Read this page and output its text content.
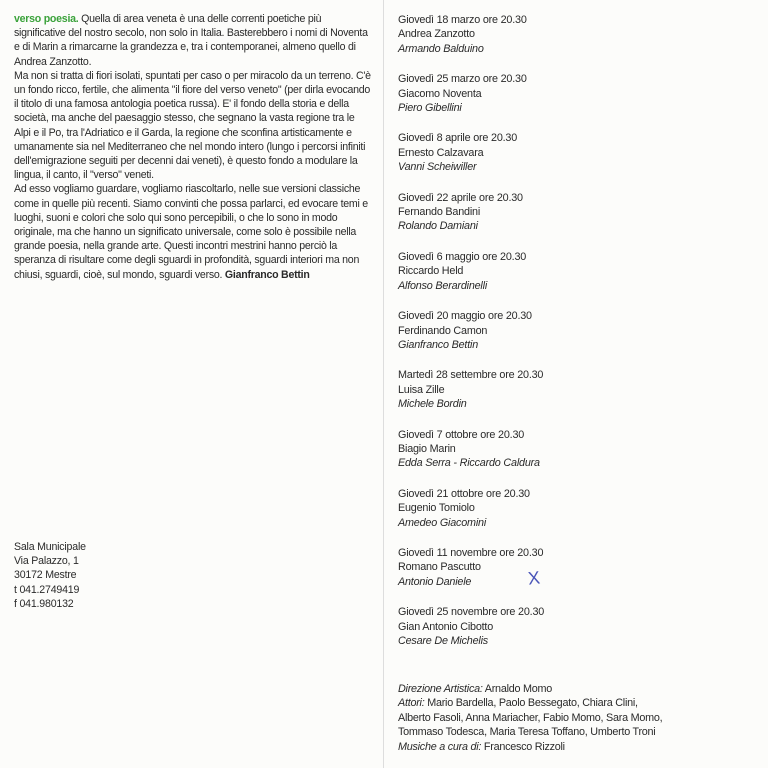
verso poesia. Quella di area veneta è una delle correnti poetiche più significative del nostro secolo, non solo in Italia. Basterebbero i nomi di Noventa e di Marin a rimarcarne la grandezza e, tra i contemporanei, almeno quello di Andrea Zanzotto.

Ma non si tratta di fiori isolati, spuntati per caso o per miracolo da un terreno. C'è un fondo ricco, fertile, che alimenta "il fiore del verso veneto" (per dirla evocando il titolo di una famosa antologia poetica russa). E' il fondo della storia e della società, ma anche del paesaggio stesso, che segnano la vasta regione tra le Alpi e il Po, tra l'Adriatico e il Garda, la regione che sconfina artisticamente e umanamente sia nel Mediterraneo che nel mondo intero (lungo i percorsi infiniti dell'emigrazione seguiti per decenni dai veneti), è questo fondo a modulare la lingua, il canto, il "verso" veneti.

Ad esso vogliamo guardare, vogliamo riascoltarlo, nelle sue versioni classiche come in quelle più recenti. Siamo convinti che possa parlarci, ed evocare temi e luoghi, suoni e colori che solo qui sono percepibili, o che lo sono in modo originale, ma che hanno un significato universale, come solo è possibile nella grande poesia, nella grande arte. Questi incontri mestrini hanno perciò la speranza di risultare come degli sguardi in profondità, sguardi interiori ma non chiusi, sguardi, cioè, sul mondo, sguardi verso. Gianfranco Bettin

Sala Municipale
Via Palazzo, 1
30172 Mestre
t 041.2749419
f 041.980132
Giovedì 18 marzo ore 20.30
Andrea Zanzotto
Armando Balduino
Giovedì 25 marzo ore 20.30
Giacomo Noventa
Piero Gibellini
Giovedì 8 aprile ore 20.30
Ernesto Calzavara
Vanni Scheiwiller
Giovedì 22 aprile ore 20.30
Fernando Bandini
Rolando Damiani
Giovedì 6 maggio ore 20.30
Riccardo Held
Alfonso Berardinelli
Giovedì 20 maggio ore 20.30
Ferdinando Camon
Gianfranco Bettin
Martedì 28 settembre ore 20.30
Luisa Zille
Michele Bordin
Giovedì 7 ottobre ore 20.30
Biagio Marin
Edda Serra - Riccardo Caldura
Giovedì 21 ottobre ore 20.30
Eugenio Tomiolo
Amedeo Giacomini
Giovedì 11 novembre ore 20.30
Romano Pascutto
Antonio Daniele
Giovedì 25 novembre ore 20.30
Gian Antonio Cibotto
Cesare De Michelis
X
Direzione Artistica: Arnaldo Momo
Attori: Mario Bardella, Paolo Bessegato, Chiara Clini,
Alberto Fasoli, Anna Mariacher, Fabio Momo, Sara Momo,
Tommaso Todesca, Maria Teresa Toffano, Umberto Troni
Musiche a cura di: Francesco Rizzoli
